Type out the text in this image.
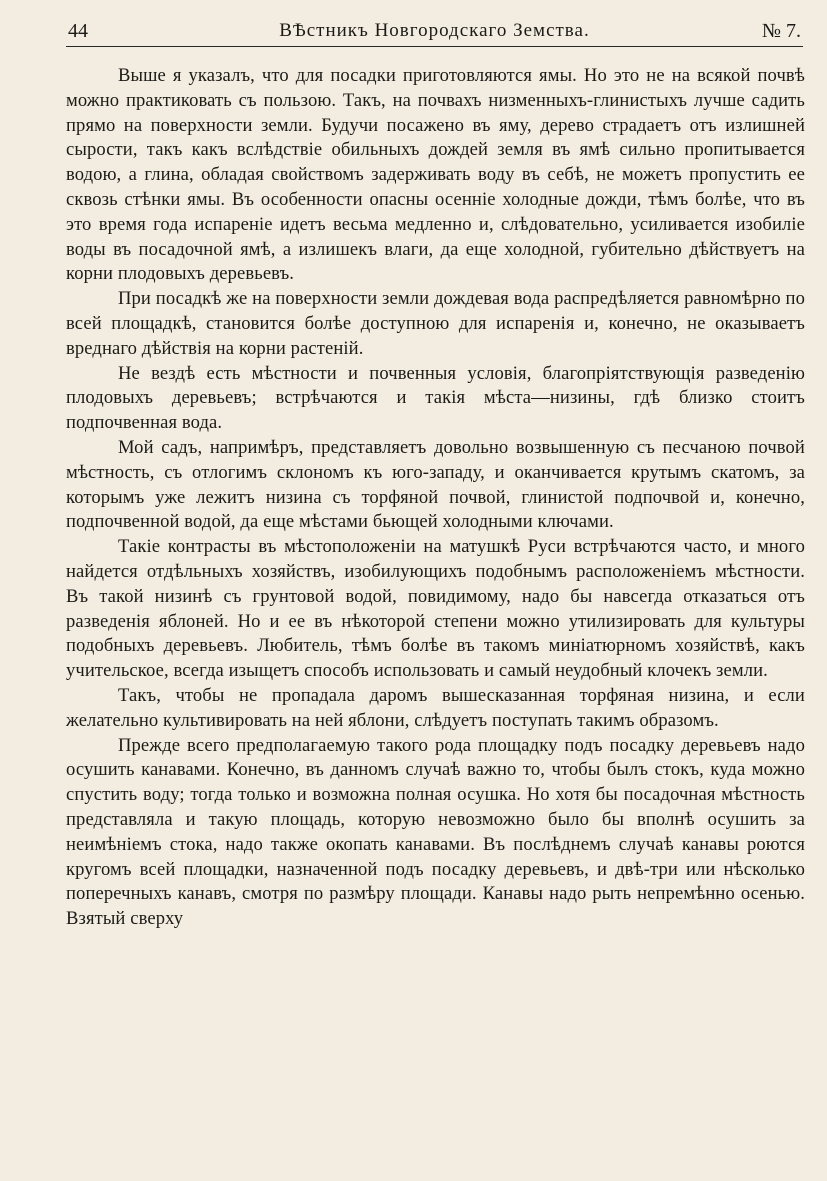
44	ВѢстникъ Новгородскаго Земства.	№ 7.

Выше я указалъ, что для посадки приготовляются ямы. Но это не на всякой почвѣ можно практиковать съ пользою. Такъ, на почвахъ низменныхъ-глинистыхъ лучше садить прямо на поверхности земли. Будучи посажено въ яму, дерево страдаетъ отъ излишней сырости, такъ какъ вслѣдствіе обильныхъ дождей земля въ ямѣ сильно пропитывается водою, а глина, обладая свойствомъ задерживать воду въ себѣ, не можетъ пропустить ее сквозь стѣнки ямы. Въ особенности опасны осенніе холодные дожди, тѣмъ болѣе, что въ это время года испареніе идетъ весьма медленно и, слѣдовательно, усиливается изобиліе воды въ посадочной ямѣ, а излишекъ влаги, да еще холодной, губительно дѣйствуетъ на корни плодовыхъ деревьевъ.

При посадкѣ же на поверхности земли дождевая вода распредѣляется равномѣрно по всей площадкѣ, становится болѣе доступною для испаренія и, конечно, не оказываетъ вреднаго дѣйствія на корни растеній.

Не вездѣ есть мѣстности и почвенныя условія, благопріятствующія разведенію плодовыхъ деревьевъ; встрѣчаются и такія мѣста—низины, гдѣ близко стоитъ подпочвенная вода.

Мой садъ, напримѣръ, представляетъ довольно возвышенную съ песчаною почвой мѣстность, съ отлогимъ склономъ къ юго-западу, и оканчивается крутымъ скатомъ, за которымъ уже лежитъ низина съ торфяной почвой, глинистой подпочвой и, конечно, подпочвенной водой, да еще мѣстами бьющей холодными ключами.

Такіе контрасты въ мѣстоположеніи на матушкѣ Руси встрѣчаются часто, и много найдется отдѣльныхъ хозяйствъ, изобилующихъ подобнымъ расположеніемъ мѣстности. Въ такой низинѣ съ грунтовой водой, повидимому, надо бы навсегда отказаться отъ разведенія яблоней. Но и ее въ нѣкоторой степени можно утилизировать для культуры подобныхъ деревьевъ. Любитель, тѣмъ болѣе въ такомъ миніатюрномъ хозяйствѣ, какъ учительское, всегда изыщетъ способъ использовать и самый неудобный клочекъ земли.

Такъ, чтобы не пропадала даромъ вышесказанная торфяная низина, и если желательно культивировать на ней яблони, слѣдуетъ поступать такимъ образомъ.

Прежде всего предполагаемую такого рода площадку подъ посадку деревьевъ надо осушить канавами. Конечно, въ данномъ случаѣ важно то, чтобы былъ стокъ, куда можно спустить воду; тогда только и возможна полная осушка. Но хотя бы посадочная мѣстность представляла и такую площадь, которую невозможно было бы вполнѣ осушить за неимѣніемъ стока, надо также окопать канавами. Въ послѣднемъ случаѣ канавы роются кругомъ всей площадки, назначенной подъ посадку деревьевъ, и двѣ-три или нѣсколько поперечныхъ канавъ, смотря по размѣру площади. Канавы надо рыть непремѣнно осенью. Взятый сверху
